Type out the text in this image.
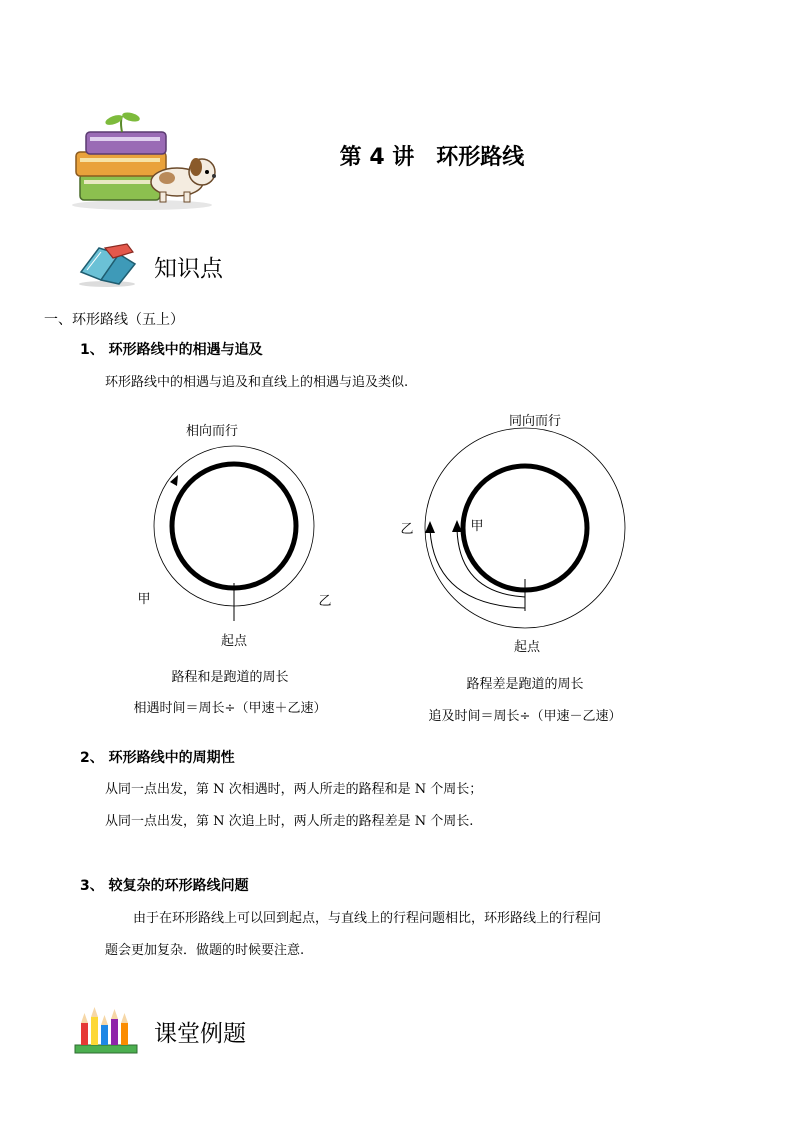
第 4 讲　环形路线
知识点
一、环形路线（五上）
1、 环形路线中的相遇与追及
环形路线中的相遇与追及和直线上的相遇与追及类似.
相向而行
甲	乙
起点
路程和是跑道的周长
相遇时间＝周长÷（甲速＋乙速）
同向而行
乙	甲
起点
路程差是跑道的周长
追及时间＝周长÷（甲速－乙速）
2、 环形路线中的周期性
从同一点出发，第 N 次相遇时，两人所走的路程和是 N 个周长；
从同一点出发，第 N 次追上时，两人所走的路程差是 N 个周长.
3、 较复杂的环形路线问题
由于在环形路线上可以回到起点，与直线上的行程问题相比，环形路线上的行程问
题会更加复杂．做题的时候要注意.
课堂例题
